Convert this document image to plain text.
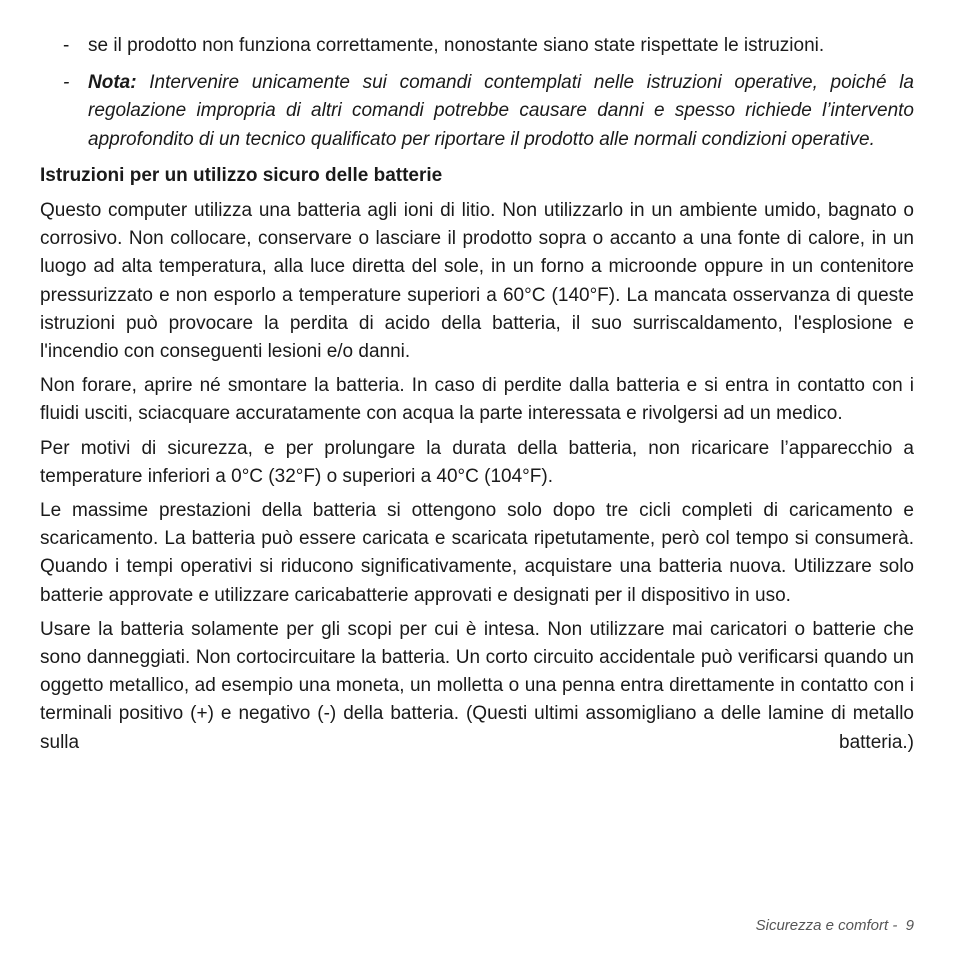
- se il prodotto non funziona correttamente, nonostante siano state rispettate le istruzioni.
- Nota: Intervenire unicamente sui comandi contemplati nelle istruzioni operative, poiché la regolazione impropria di altri comandi potrebbe causare danni e spesso richiede l’intervento approfondito di un tecnico qualificato per riportare il prodotto alle normali condizioni operative.
Istruzioni per un utilizzo sicuro delle batterie

Questo computer utilizza una batteria agli ioni di litio. Non utilizzarlo in un ambiente umido, bagnato o corrosivo. Non collocare, conservare o lasciare il prodotto sopra o accanto a una fonte di calore, in un luogo ad alta temperatura, alla luce diretta del sole, in un forno a microonde oppure in un contenitore pressurizzato e non esporlo a temperature superiori a 60°C (140°F). La mancata osservanza di queste istruzioni può provocare la perdita di acido della batteria, il suo surriscaldamento, l'esplosione e l'incendio con conseguenti lesioni e/o danni.

Non forare, aprire né smontare la batteria. In caso di perdite dalla batteria e si entra in contatto con i fluidi usciti, sciacquare accuratamente con acqua la parte interessata e rivolgersi ad un medico.

Per motivi di sicurezza, e per prolungare la durata della batteria, non ricaricare l’apparecchio a temperature inferiori a 0°C (32°F) o superiori a 40°C (104°F).

Le massime prestazioni della batteria si ottengono solo dopo tre cicli completi di caricamento e scaricamento. La batteria può essere caricata e scaricata ripetutamente, però col tempo si consumerà. Quando i tempi operativi si riducono significativamente, acquistare una batteria nuova. Utilizzare solo batterie approvate e utilizzare caricabatterie approvati e designati per il dispositivo in uso.

Usare la batteria solamente per gli scopi per cui è intesa. Non utilizzare mai caricatori o batterie che sono danneggiati. Non cortocircuitare la batteria. Un corto circuito accidentale può verificarsi quando un oggetto metallico, ad esempio una moneta, un molletta o una penna entra direttamente in contatto con i terminali positivo (+) e negativo (-) della batteria. (Questi ultimi assomigliano a delle lamine di metallo sulla batteria.)

Sicurezza e comfort -  9
